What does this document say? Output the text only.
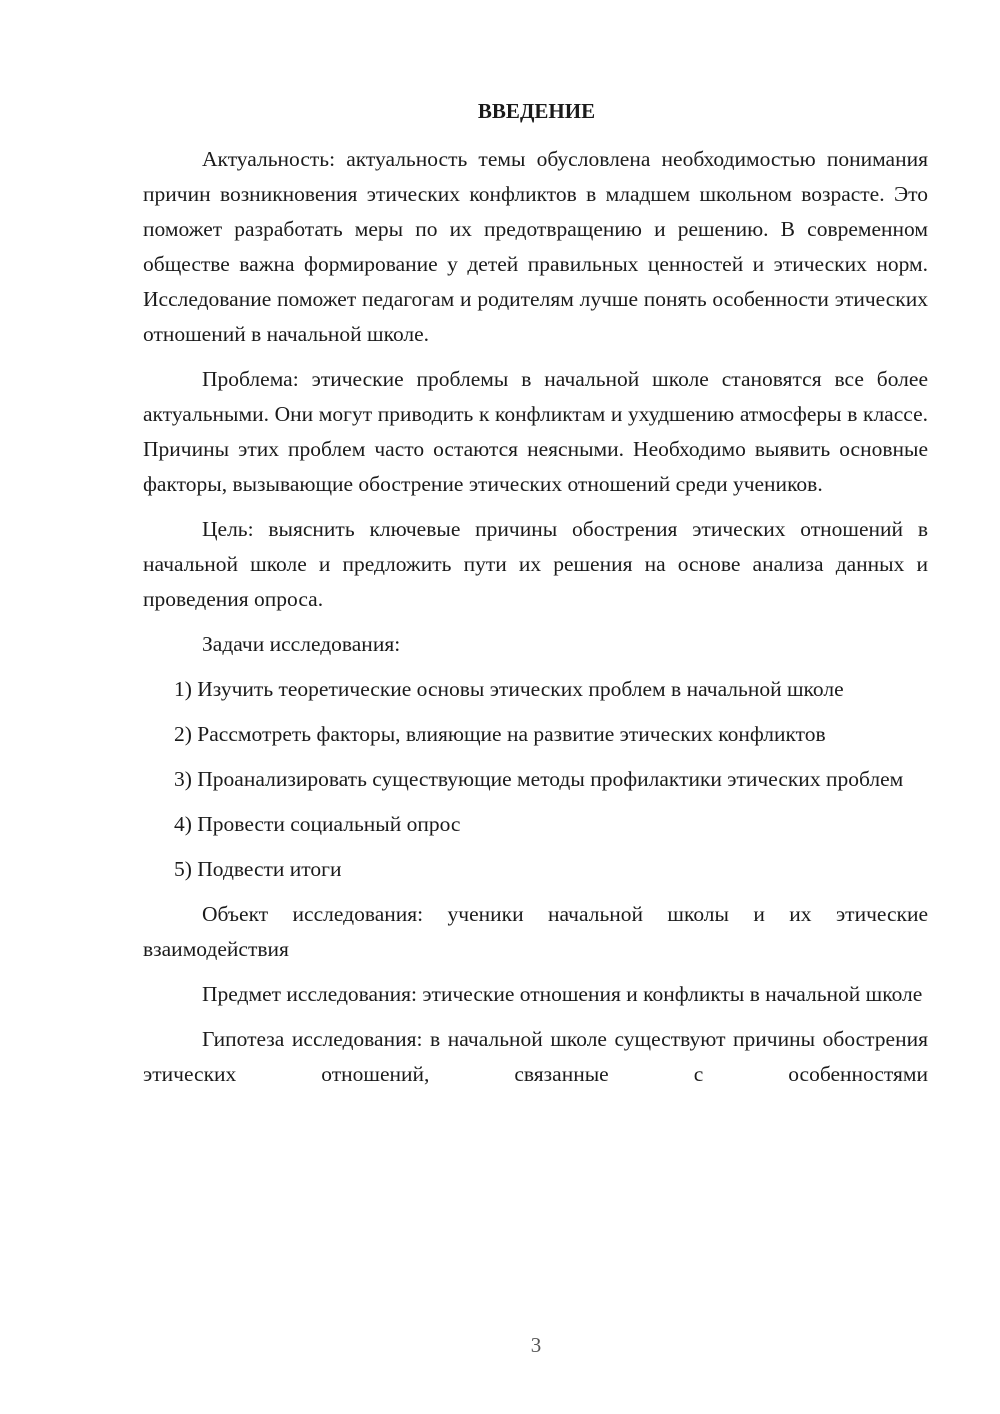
ВВЕДЕНИЕ

Актуальность: актуальность темы обусловлена необходимостью понимания причин возникновения этических конфликтов в младшем школьном возрасте. Это поможет разработать меры по их предотвращению и решению. В современном обществе важна формирование у детей правильных ценностей и этических норм. Исследование поможет педагогам и родителям лучше понять особенности этических отношений в начальной школе.

Проблема: этические проблемы в начальной школе становятся все более актуальными. Они могут приводить к конфликтам и ухудшению атмосферы в классе. Причины этих проблем часто остаются неясными. Необходимо выявить основные факторы, вызывающие обострение этических отношений среди учеников.

Цель: выяснить ключевые причины обострения этических отношений в начальной школе и предложить пути их решения на основе анализа данных и проведения опроса.

Задачи исследования:

1) Изучить теоретические основы этических проблем в начальной школе

2) Рассмотреть факторы, влияющие на развитие этических конфликтов

3) Проанализировать существующие методы профилактики этических проблем

4) Провести социальный опрос

5) Подвести итоги

Объект исследования: ученики начальной школы и их этические взаимодействия

Предмет исследования: этические отношения и конфликты в начальной школе

Гипотеза исследования: в начальной школе существуют причины обострения этических отношений, связанные с особенностями

3
